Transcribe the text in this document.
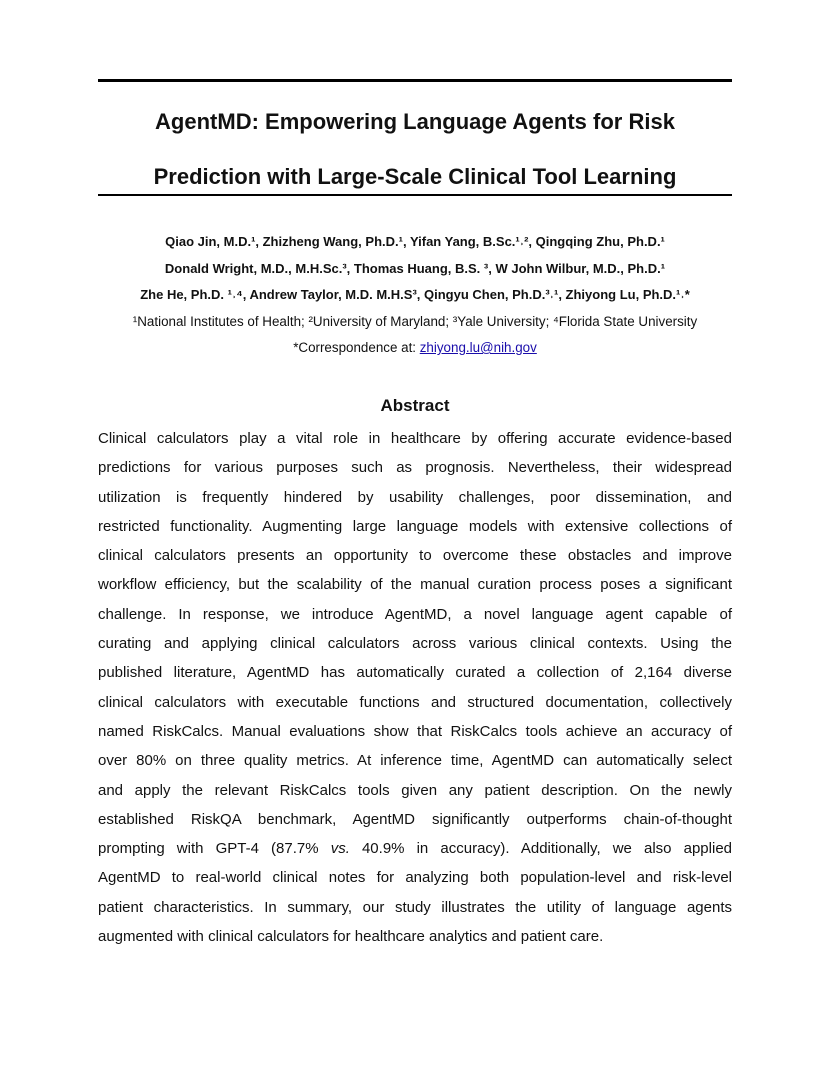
AgentMD: Empowering Language Agents for Risk
Prediction with Large-Scale Clinical Tool Learning

Qiao Jin, M.D.¹, Zhizheng Wang, Ph.D.¹, Yifan Yang, B.Sc.¹˒², Qingqing Zhu, Ph.D.¹
Donald Wright, M.D., M.H.Sc.³, Thomas Huang, B.S. ³, W John Wilbur, M.D., Ph.D.¹
Zhe He, Ph.D. ¹˒⁴, Andrew Taylor, M.D. M.H.S³, Qingyu Chen, Ph.D.³˒¹, Zhiyong Lu, Ph.D.¹˒*

¹National Institutes of Health; ²University of Maryland; ³Yale University; ⁴Florida State University
*Correspondence at: zhiyong.lu@nih.gov
Abstract

Clinical calculators play a vital role in healthcare by offering accurate evidence-based
predictions for various purposes such as prognosis. Nevertheless, their widespread
utilization is frequently hindered by usability challenges, poor dissemination, and
restricted functionality. Augmenting large language models with extensive collections of
clinical calculators presents an opportunity to overcome these obstacles and improve
workflow efficiency, but the scalability of the manual curation process poses a significant
challenge. In response, we introduce AgentMD, a novel language agent capable of
curating and applying clinical calculators across various clinical contexts. Using the
published literature, AgentMD has automatically curated a collection of 2,164 diverse
clinical calculators with executable functions and structured documentation, collectively
named RiskCalcs. Manual evaluations show that RiskCalcs tools achieve an accuracy of
over 80% on three quality metrics. At inference time, AgentMD can automatically select
and apply the relevant RiskCalcs tools given any patient description. On the newly
established RiskQA benchmark, AgentMD significantly outperforms chain-of-thought
prompting with GPT-4 (87.7% vs. 40.9% in accuracy). Additionally, we also applied
AgentMD to real-world clinical notes for analyzing both population-level and risk-level
patient characteristics. In summary, our study illustrates the utility of language agents
augmented with clinical calculators for healthcare analytics and patient care.
